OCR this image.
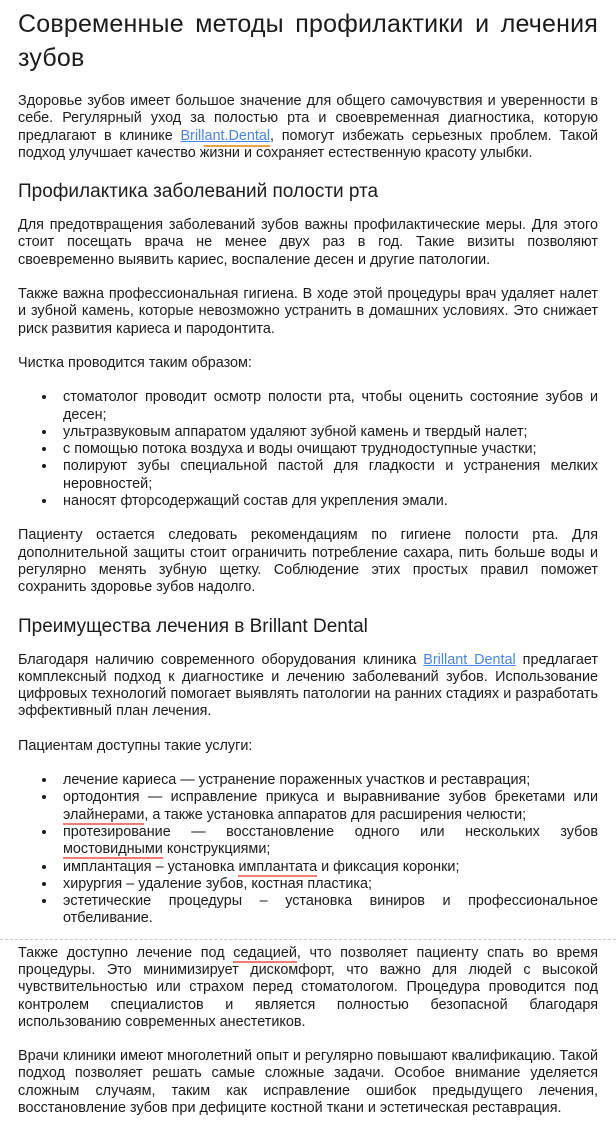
Современные методы профилактики и лечения зубов

Здоровье зубов имеет большое значение для общего самочувствия и уверенности в себе. Регулярный уход за полостью рта и своевременная диагностика, которую предлагают в клинике Brillant.Dental, помогут избежать серьезных проблем. Такой подход улучшает качество жизни и сохраняет естественную красоту улыбки.

Профилактика заболеваний полости рта

Для предотвращения заболеваний зубов важны профилактические меры. Для этого стоит посещать врача не менее двух раз в год. Такие визиты позволяют своевременно выявить кариес, воспаление десен и другие патологии.

Также важна профессиональная гигиена. В ходе этой процедуры врач удаляет налет и зубной камень, которые невозможно устранить в домашних условиях. Это снижает риск развития кариеса и пародонтита.

Чистка проводится таким образом:

• стоматолог проводит осмотр полости рта, чтобы оценить состояние зубов и десен;
• ультразвуковым аппаратом удаляют зубной камень и твердый налет;
• с помощью потока воздуха и воды очищают труднодоступные участки;
• полируют зубы специальной пастой для гладкости и устранения мелких неровностей;
• наносят фторсодержащий состав для укрепления эмали.

Пациенту остается следовать рекомендациям по гигиене полости рта. Для дополнительной защиты стоит ограничить потребление сахара, пить больше воды и регулярно менять зубную щетку. Соблюдение этих простых правил поможет сохранить здоровье зубов надолго.

Преимущества лечения в Brillant Dental

Благодаря наличию современного оборудования клиника Brillant Dental предлагает комплексный подход к диагностике и лечению заболеваний зубов. Использование цифровых технологий помогает выявлять патологии на ранних стадиях и разработать эффективный план лечения.

Пациентам доступны такие услуги:

• лечение кариеса — устранение пораженных участков и реставрация;
• ортодонтия — исправление прикуса и выравнивание зубов брекетами или элайнерами, а также установка аппаратов для расширения челюсти;
• протезирование — восстановление одного или нескольких зубов мостовидными конструкциями;
• имплантация – установка имплантата и фиксация коронки;
• хирургия – удаление зубов, костная пластика;
• эстетические процедуры – установка виниров и профессиональное отбеливание.

Также доступно лечение под седацией, что позволяет пациенту спать во время процедуры. Это минимизирует дискомфорт, что важно для людей с высокой чувствительностью или страхом перед стоматологом. Процедура проводится под контролем специалистов и является полностью безопасной благодаря использованию современных анестетиков.

Врачи клиники имеют многолетний опыт и регулярно повышают квалификацию. Такой подход позволяет решать самые сложные задачи. Особое внимание уделяется сложным случаям, таким как исправление ошибок предыдущего лечения, восстановление зубов при дефиците костной ткани и эстетическая реставрация.
